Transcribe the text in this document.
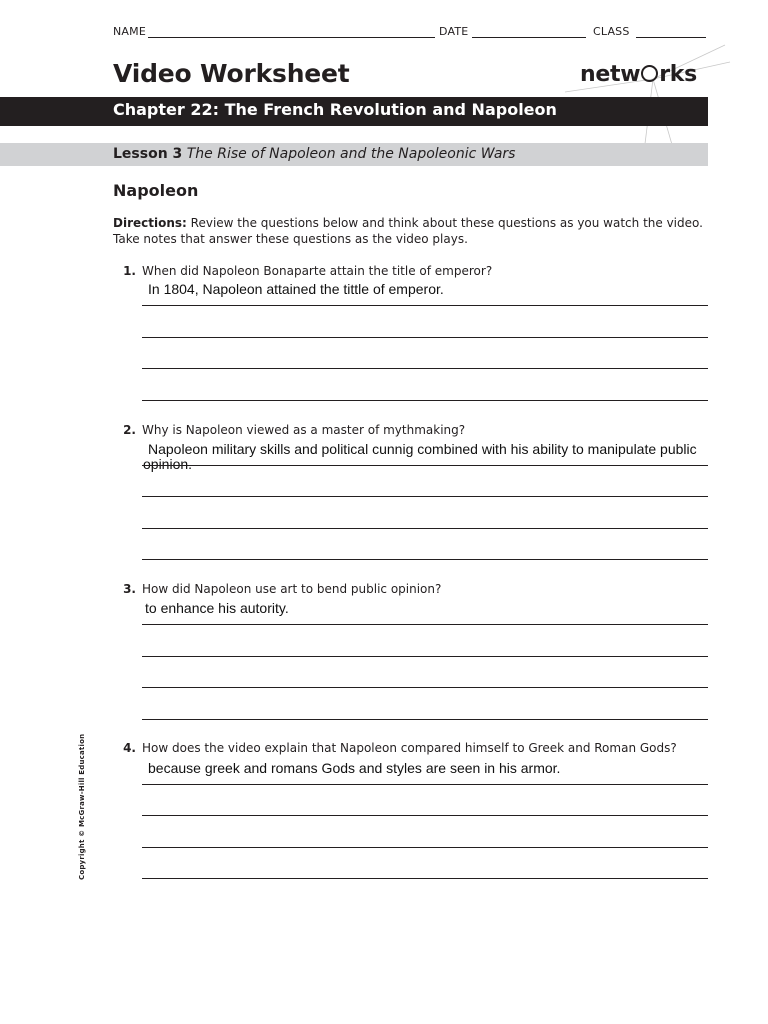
NAME	DATE	CLASS
Video Worksheet	netw rks
Chapter 22: The French Revolution and Napoleon
Lesson 3 The Rise of Napoleon and the Napoleonic Wars
Napoleon
Directions: Review the questions below and think about these questions as you watch the video. Take notes that answer these questions as the video plays.
1. When did Napoleon Bonaparte attain the title of emperor?
In 1804, Napoleon attained the tittle of emperor.
2. Why is Napoleon viewed as a master of mythmaking?
Napoleon military skills and political cunnig combined with his ability to manipulate public
opinion.
3. How did Napoleon use art to bend public opinion?
to enhance his autority.
4. How does the video explain that Napoleon compared himself to Greek and Roman Gods?
because greek and romans Gods and styles are seen in his armor.
Copyright © McGraw-Hill Education
